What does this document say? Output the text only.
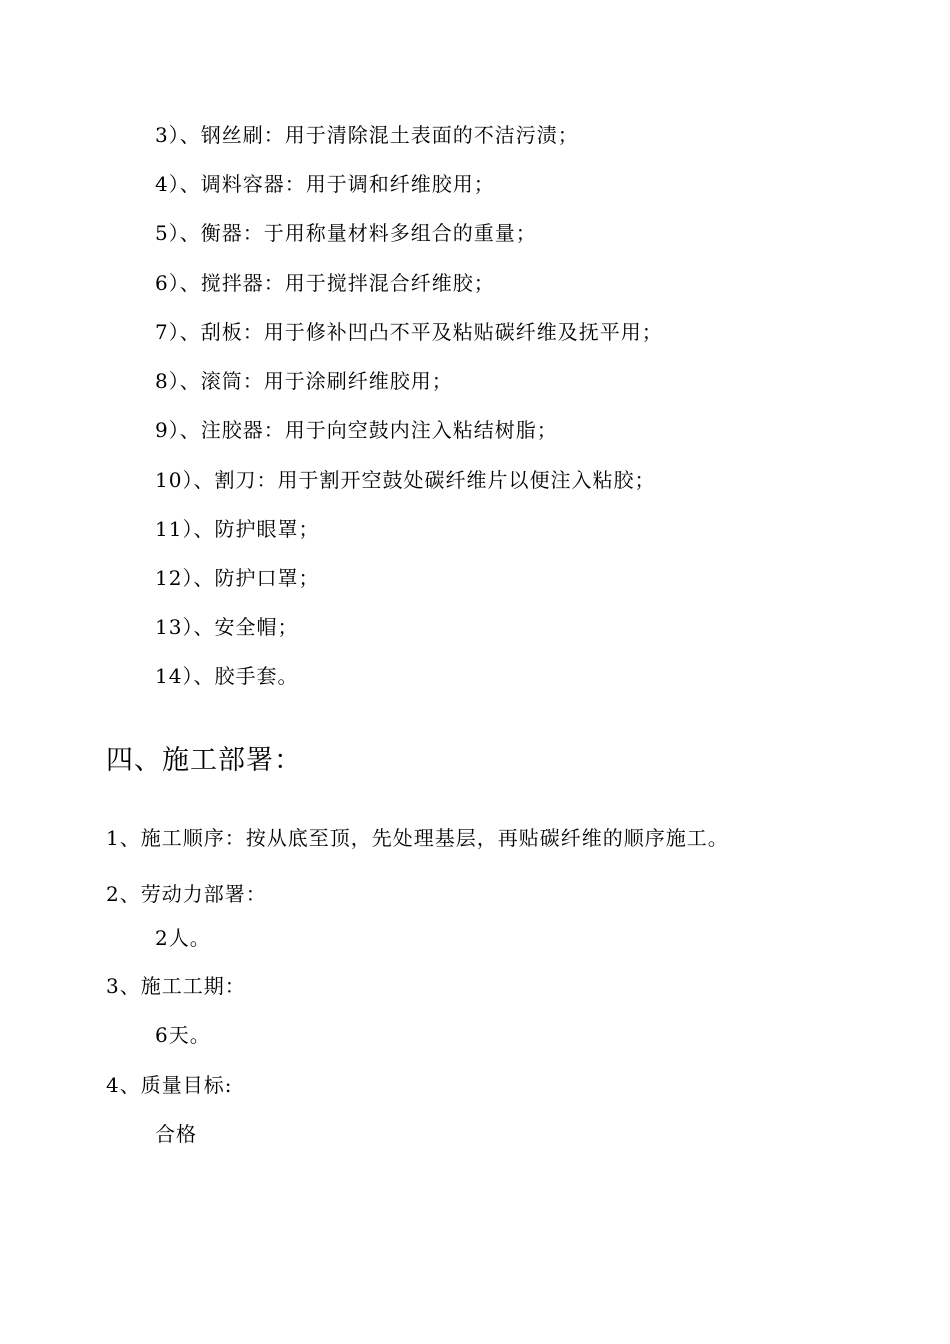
3）、钢丝刷：用于清除混土表面的不洁污渍；
4）、调料容器：用于调和纤维胶用；
5）、衡器：于用称量材料多组合的重量；
6）、搅拌器：用于搅拌混合纤维胶；
7）、刮板：用于修补凹凸不平及粘贴碳纤维及抚平用；
8）、滚筒：用于涂刷纤维胶用；
9）、注胶器：用于向空鼓内注入粘结树脂；
10）、割刀：用于割开空鼓处碳纤维片以便注入粘胶；
11）、防护眼罩；
12）、防护口罩；
13）、安全帽；
14）、胶手套。
四、施工部署：
1、施工顺序：按从底至顶，先处理基层，再贴碳纤维的顺序施工。
2、劳动力部署：
2人。
3、施工工期：
6天。
4、质量目标:
合格
